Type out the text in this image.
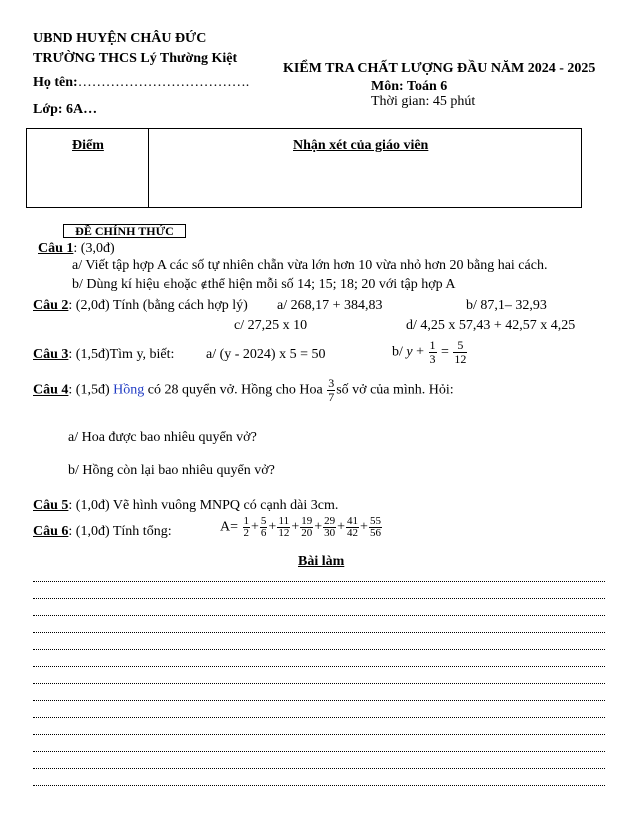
UBND HUYỆN CHÂU ĐỨC
TRƯỜNG THCS Lý Thường Kiệt
Họ tên:……………………………….
Lớp: 6A…
KIỂM TRA CHẤT LƯỢNG ĐẦU NĂM 2024 - 2025
Môn: Toán 6
Thời gian: 45 phút
Điểm	Nhận xét của giáo viên
ĐỀ CHÍNH THỨC
Câu 1: (3,0đ)
a/ Viết tập hợp A các số tự nhiên chẵn vừa lớn hơn 10 vừa nhỏ hơn 20 bằng hai cách.
b/ Dùng kí hiệu ∈hoặc ∉thể hiện mỗi số 14; 15; 18; 20 với tập hợp A
Câu 2: (2,0đ) Tính (bằng cách hợp lý) a/ 268,17 + 384,83	b/ 87,1– 32,93
c/ 27,25 x 10	d/ 4,25 x 57,43 + 42,57 x 4,25
Câu 3: (1,5đ)Tìm y, biết: a/ (y - 2024) x 5 = 50	b/ $y + \frac{1}{3} = \frac{5}{12}$
Câu 4: (1,5đ) Hồng có 28 quyển vở. Hồng cho Hoa $\frac{3}{7}$ số vở của mình. Hỏi:
a/ Hoa được bao nhiêu quyển vở?
b/ Hồng còn lại bao nhiêu quyển vở?
Câu 5: (1,0đ) Vẽ hình vuông MNPQ có cạnh dài 3cm.
Câu 6: (1,0đ) Tính tổng:	$A= \frac{1}{2} + \frac{5}{6} + \frac{11}{12} + \frac{19}{20} + \frac{29}{30} + \frac{41}{42} + \frac{55}{56}$
Bài làm
